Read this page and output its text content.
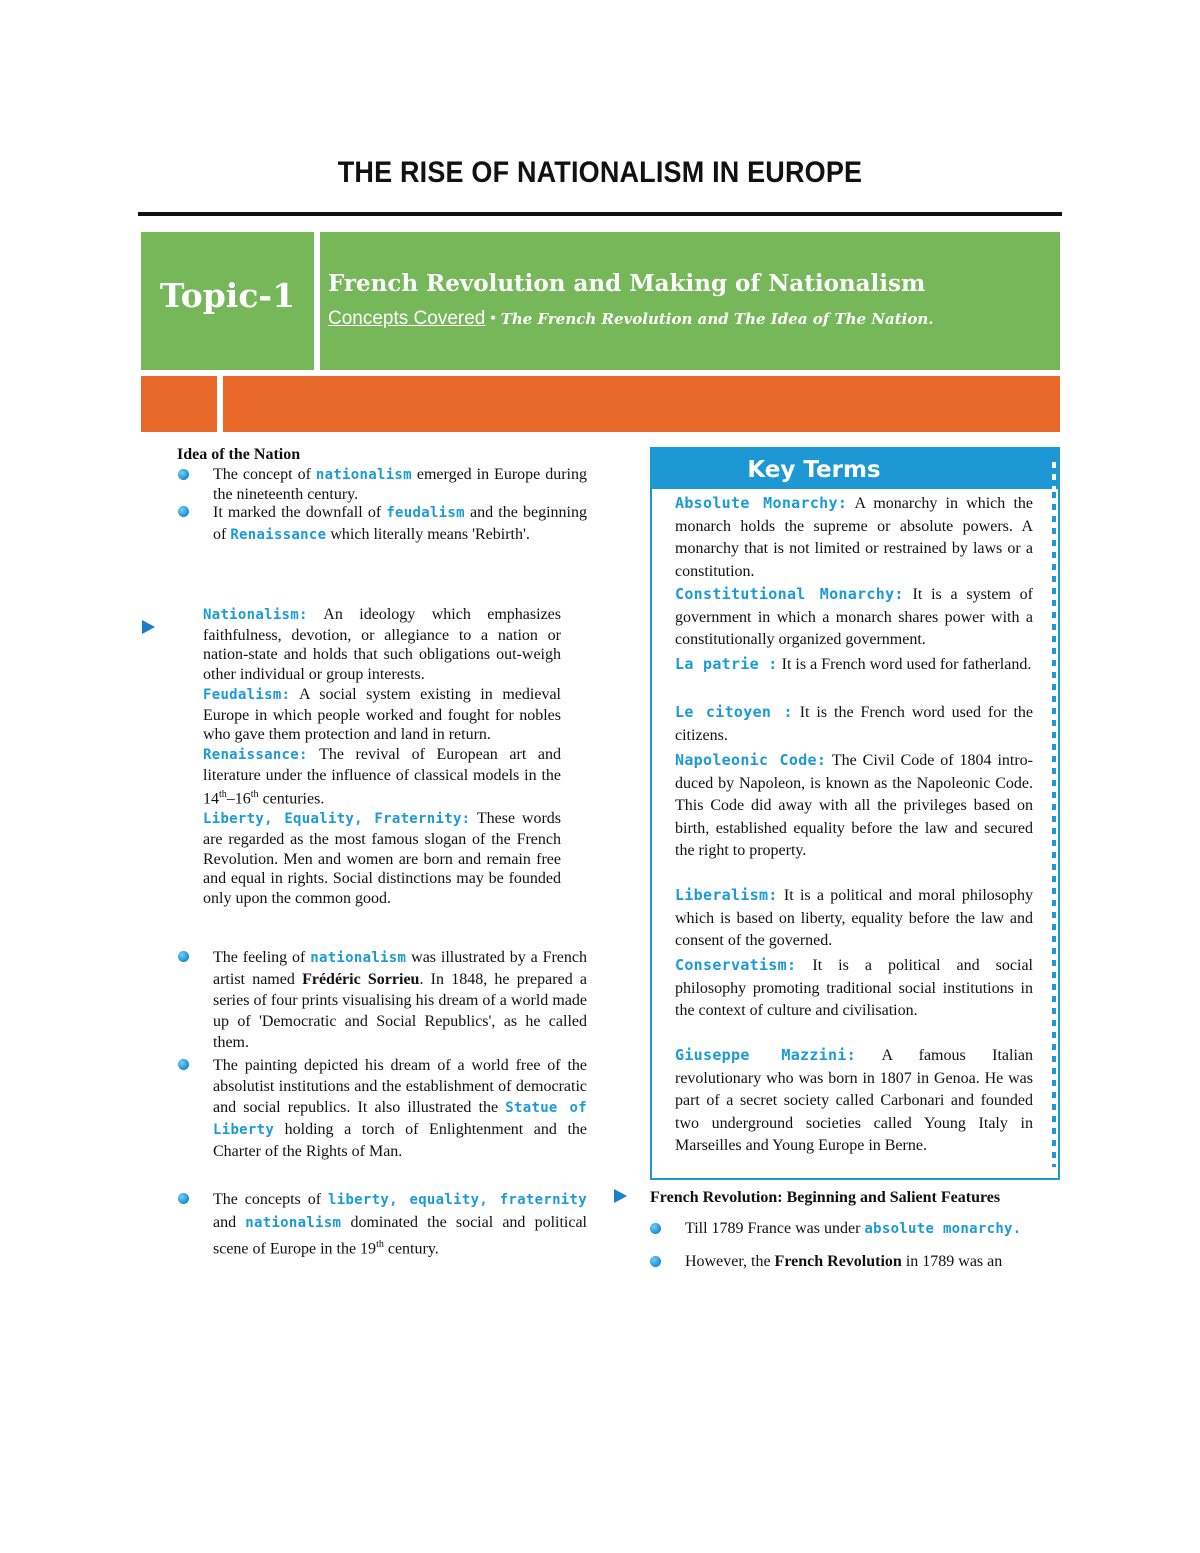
THE RISE OF NATIONALISM IN EUROPE
Topic-1	French Revolution and Making of Nationalism
Concepts Covered • The French Revolution and The Idea of The Nation.
Idea of the Nation
The concept of nationalism emerged in Europe during the nineteenth century.
It marked the downfall of feudalism and the beginning of Renaissance which literally means 'Rebirth'.

Nationalism: An ideology which emphasizes faithfulness, devotion, or allegiance to a nation or nation-state and holds that such obligations out-weigh other individual or group interests.

Feudalism: A social system existing in medieval Europe in which people worked and fought for nobles who gave them protection and land in return.

Renaissance: The revival of European art and literature under the influence of classical models in the 14th–16th centuries.

Liberty, Equality, Fraternity: These words are regarded as the most famous slogan of the French Revolution. Men and women are born and remain free and equal in rights. Social distinctions may be founded only upon the common good.

The feeling of nationalism was illustrated by a French artist named Frédéric Sorrieu. In 1848, he prepared a series of four prints visualising his dream of a world made up of 'Democratic and Social Republics', as he called them.
The painting depicted his dream of a world free of the absolutist institutions and the establishment of democratic and social republics. It also illustrated the Statue of Liberty holding a torch of Enlightenment and the Charter of the Rights of Man.
The concepts of liberty, equality, fraternity and nationalism dominated the social and political scene of Europe in the 19th century.
Key Terms

Absolute Monarchy: A monarchy in which the monarch holds the supreme or absolute powers. A monarchy that is not limited or restrained by laws or a constitution.

Constitutional Monarchy: It is a system of government in which a monarch shares power with a constitutionally organized government.

La patrie : It is a French word used for fatherland.

Le citoyen : It is the French word used for the citizens.

Napoleonic Code: The Civil Code of 1804 intro-duced by Napoleon, is known as the Napoleonic Code. This Code did away with all the privileges based on birth, established equality before the law and secured the right to property.

Liberalism: It is a political and moral philosophy which is based on liberty, equality before the law and consent of the governed.

Conservatism: It is a political and social philosophy promoting traditional social institutions in the context of culture and civilisation.

Giuseppe Mazzini: A famous Italian revolutionary who was born in 1807 in Genoa. He was part of a secret society called Carbonari and founded two underground societies called Young Italy in Marseilles and Young Europe in Berne.

French Revolution: Beginning and Salient Features
Till 1789 France was under absolute monarchy.
However, the French Revolution in 1789 was an
